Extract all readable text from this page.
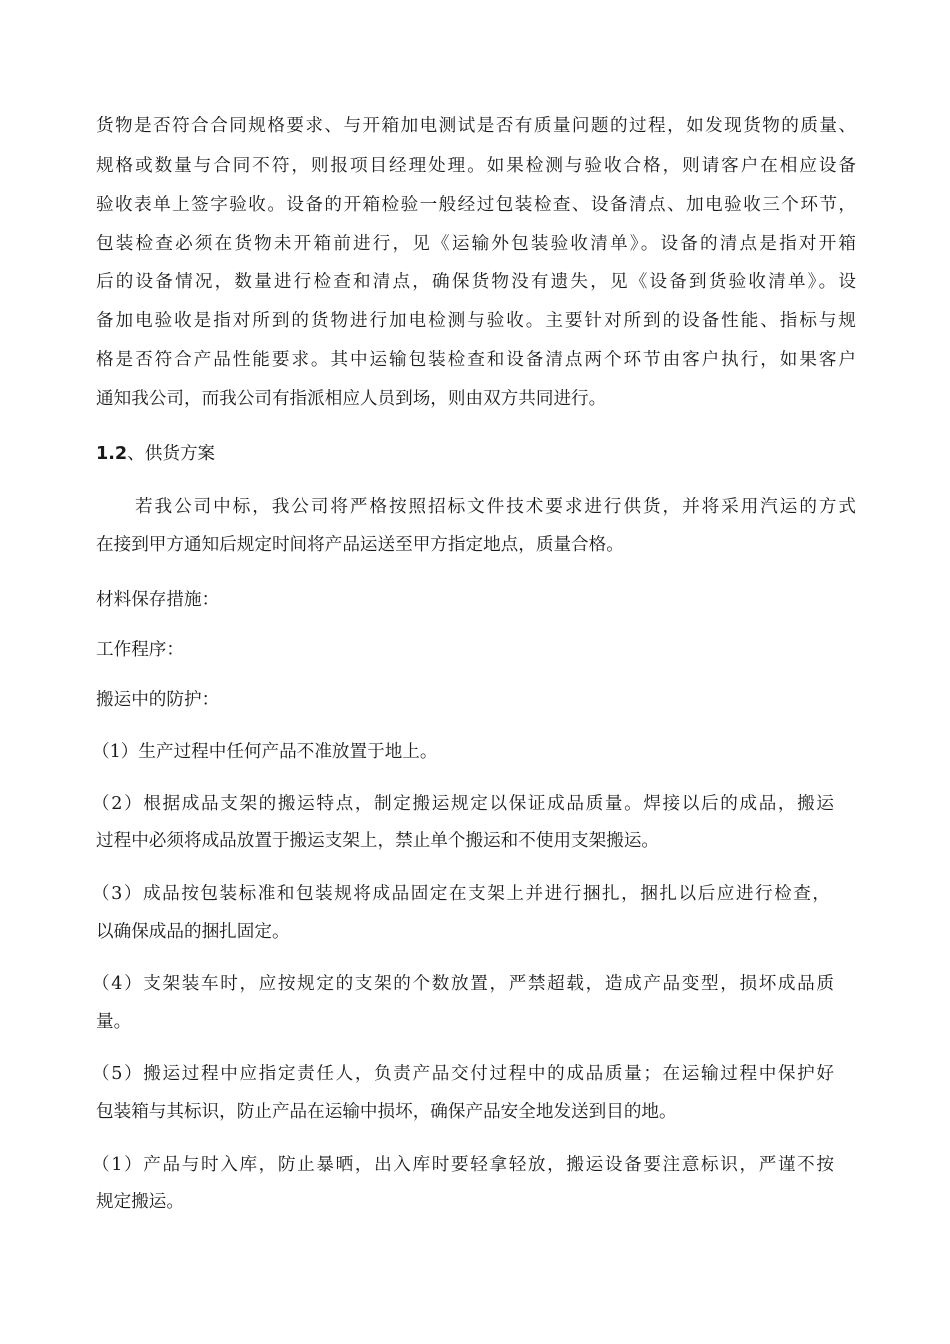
货物是否符合合同规格要求、与开箱加电测试是否有质量问题的过程，如发现货物的质量、
规格或数量与合同不符，则报项目经理处理。如果检测与验收合格，则请客户在相应设备
验收表单上签字验收。设备的开箱检验一般经过包装检查、设备清点、加电验收三个环节，
包装检查必须在货物未开箱前进行，见《运输外包装验收清单》。设备的清点是指对开箱
后的设备情况，数量进行检查和清点，确保货物没有遗失，见《设备到货验收清单》。设
备加电验收是指对所到的货物进行加电检测与验收。主要针对所到的设备性能、指标与规
格是否符合产品性能要求。其中运输包装检查和设备清点两个环节由客户执行，如果客户
通知我公司，而我公司有指派相应人员到场，则由双方共同进行。
1.2、供货方案
若我公司中标，我公司将严格按照招标文件技术要求进行供货，并将采用汽运的方式
在接到甲方通知后规定时间将产品运送至甲方指定地点，质量合格。
材料保存措施：
工作程序：
搬运中的防护：
（1）生产过程中任何产品不准放置于地上。
（2）根据成品支架的搬运特点，制定搬运规定以保证成品质量。焊接以后的成品，搬运
过程中必须将成品放置于搬运支架上，禁止单个搬运和不使用支架搬运。
（3）成品按包装标准和包装规将成品固定在支架上并进行捆扎，捆扎以后应进行检查，
以确保成品的捆扎固定。
（4）支架装车时，应按规定的支架的个数放置，严禁超载，造成产品变型，损坏成品质
量。
（5）搬运过程中应指定责任人，负责产品交付过程中的成品质量；在运输过程中保护好
包装箱与其标识，防止产品在运输中损坏，确保产品安全地发送到目的地。
（1）产品与时入库，防止暴晒，出入库时要轻拿轻放，搬运设备要注意标识，严谨不按
规定搬运。
